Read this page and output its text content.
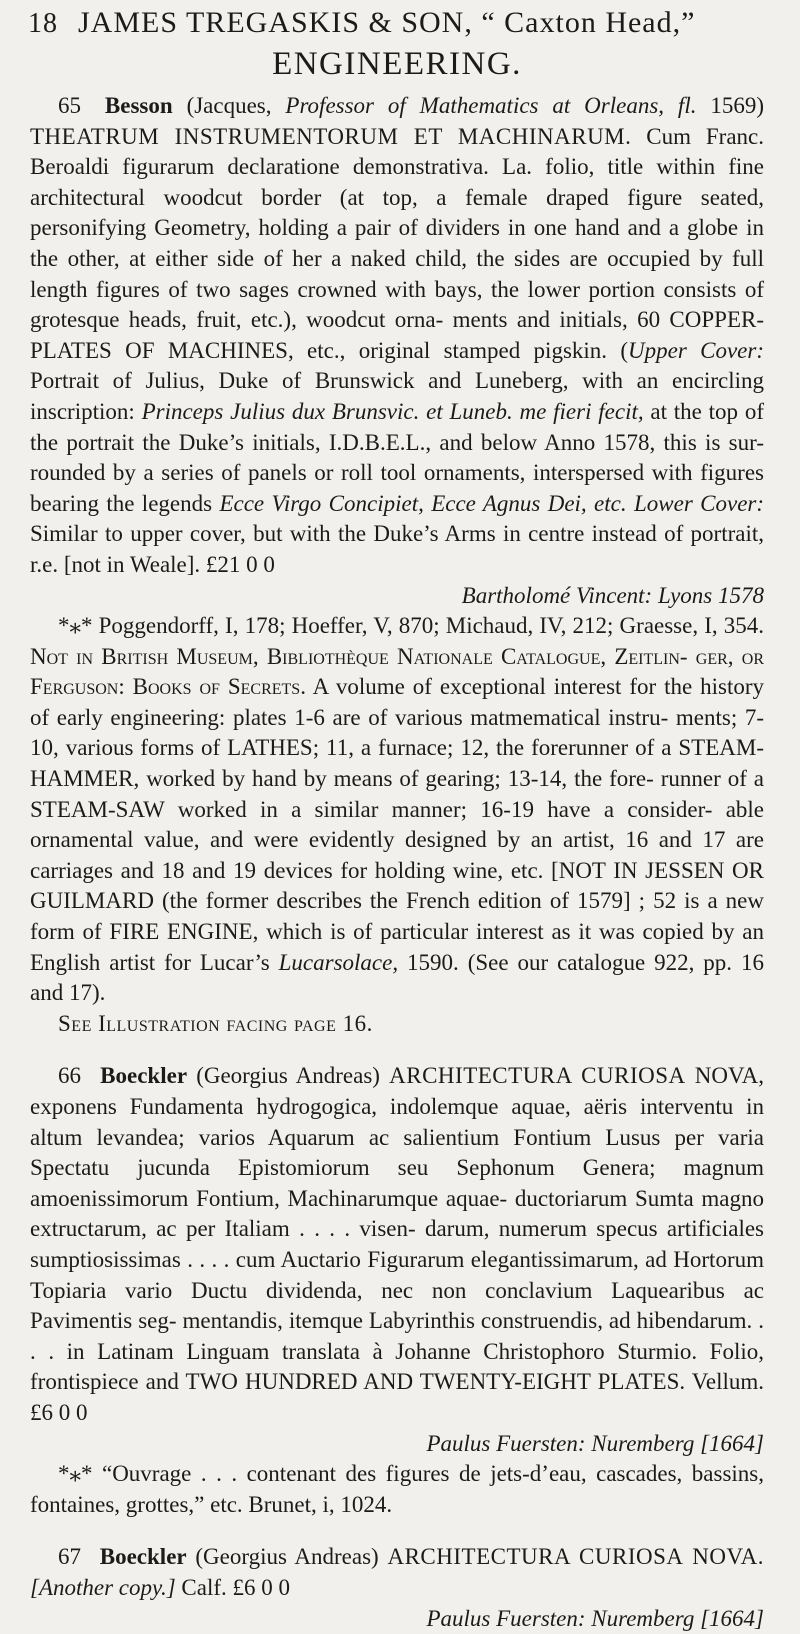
18 JAMES TREGASKIS & SON, “ Caxton Head,”
ENGINEERING.

65 Besson (Jacques, Professor of Mathematics at Orleans, fl. 1569) THEATRUM INSTRUMENTORUM ET MACHINARUM. Cum Franc. Beroaldi figurarum declaratione demonstrativa. La. folio, title within fine architectural woodcut border (at top, a female draped figure seated, personifying Geometry, holding a pair of dividers in one hand and a globe in the other, at either side of her a naked child, the sides are occupied by full length figures of two sages crowned with bays, the lower portion consists of grotesque heads, fruit, etc.), woodcut orna- ments and initials, 60 COPPER-PLATES OF MACHINES, etc., original stamped pigskin. (Upper Cover: Portrait of Julius, Duke of Brunswick and Luneberg, with an encircling inscription: Princeps Julius dux Brunsvic. et Luneb. me fieri fecit, at the top of the portrait the Duke’s initials, I.D.B.E.L., and below Anno 1578, this is sur- rounded by a series of panels or roll tool ornaments, interspersed with figures bearing the legends Ecce Virgo Concipiet, Ecce Agnus Dei, etc. Lower Cover: Similar to upper cover, but with the Duke’s Arms in centre instead of portrait, r.e. [not in Weale]. £21 0 0

Bartholomé Vincent: Lyons 1578

*⁎* Poggendorff, I, 178; Hoeffer, V, 870; Michaud, IV, 212; Graesse, I, 354. Not in British Museum, Bibliothèque Nationale Catalogue, Zeitlin- ger, or Ferguson: Books of Secrets. A volume of exceptional interest for the history of early engineering: plates 1-6 are of various matmematical instru- ments; 7-10, various forms of LATHES; 11, a furnace; 12, the forerunner of a STEAM-HAMMER, worked by hand by means of gearing; 13-14, the fore- runner of a STEAM-SAW worked in a similar manner; 16-19 have a consider- able ornamental value, and were evidently designed by an artist, 16 and 17 are carriages and 18 and 19 devices for holding wine, etc. [NOT IN JESSEN OR GUILMARD (the former describes the French edition of 1579] ; 52 is a new form of FIRE ENGINE, which is of particular interest as it was copied by an English artist for Lucar’s Lucarsolace, 1590. (See our catalogue 922, pp. 16 and 17).

See Illustration facing page 16.

66 Boeckler (Georgius Andreas) ARCHITECTURA CURIOSA NOVA, exponens Fundamenta hydrogogica, indolemque aquae, aëris interventu in altum levandea; varios Aquarum ac salientium Fontium Lusus per varia Spectatu jucunda Epistomiorum seu Sephonum Genera; magnum amoenissimorum Fontium, Machinarumque aquae- ductoriarum Sumta magno extructarum, ac per Italiam . . . . visen- darum, numerum specus artificiales sumptiosissimas . . . . cum Auctario Figurarum elegantissimarum, ad Hortorum Topiaria vario Ductu dividenda, nec non conclavium Laquearibus ac Pavimentis seg- mentandis, itemque Labyrinthis construendis, ad hibendarum. . . . in Latinam Linguam translata à Johanne Christophoro Sturmio. Folio, frontispiece and TWO HUNDRED AND TWENTY-EIGHT PLATES. Vellum. £6 0 0

Paulus Fuersten: Nuremberg [1664]

*⁎* “Ouvrage . . . contenant des figures de jets-d’eau, cascades, bassins, fontaines, grottes,” etc. Brunet, i, 1024.

67 Boeckler (Georgius Andreas) ARCHITECTURA CURIOSA NOVA. [Another copy.] Calf. £6 0 0

Paulus Fuersten: Nuremberg [1664]
